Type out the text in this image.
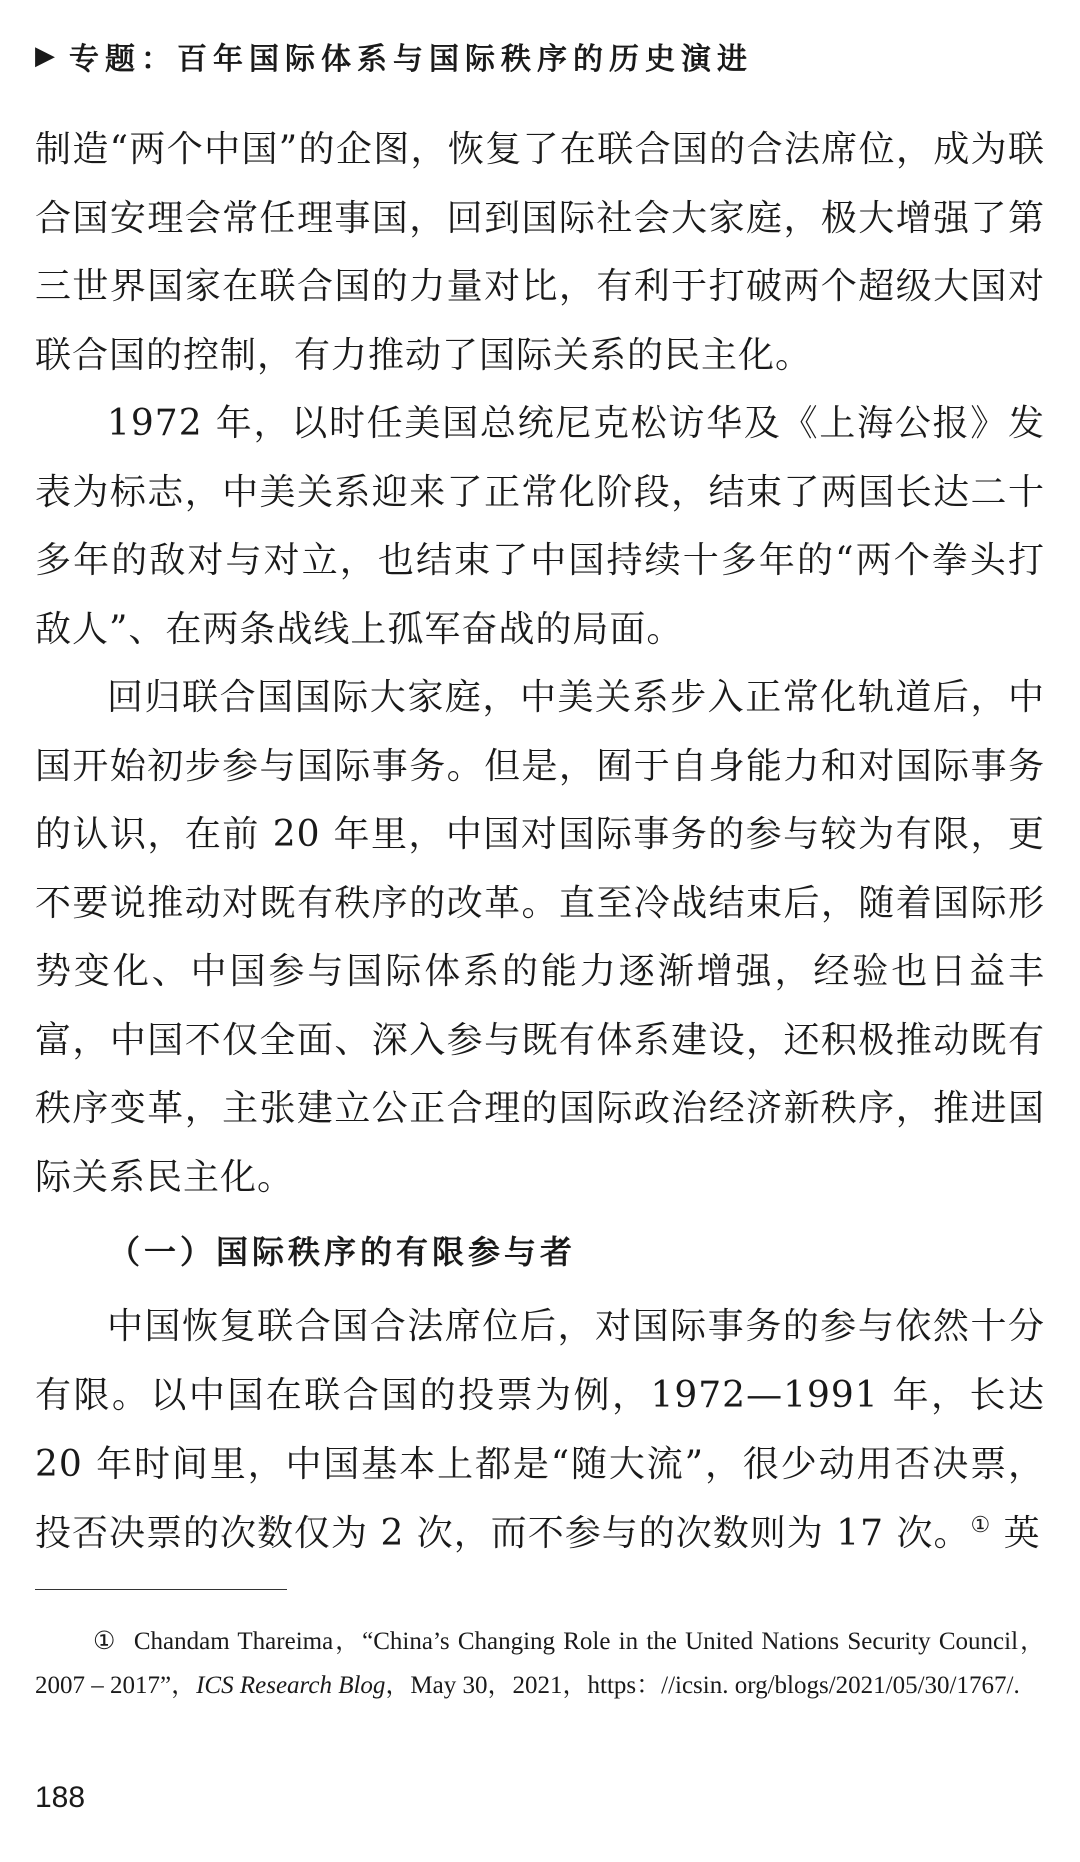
▶ 专题：百年国际体系与国际秩序的历史演进

制造“两个中国”的企图，恢复了在联合国的合法席位，成为联合国安理会常任理事国，回到国际社会大家庭，极大增强了第三世界国家在联合国的力量对比，有利于打破两个超级大国对联合国的控制，有力推动了国际关系的民主化。

1972 年，以时任美国总统尼克松访华及《上海公报》发表为标志，中美关系迎来了正常化阶段，结束了两国长达二十多年的敌对与对立，也结束了中国持续十多年的“两个拳头打敌人”、在两条战线上孤军奋战的局面。

回归联合国国际大家庭，中美关系步入正常化轨道后，中国开始初步参与国际事务。但是，囿于自身能力和对国际事务的认识，在前 20 年里，中国对国际事务的参与较为有限，更不要说推动对既有秩序的改革。直至冷战结束后，随着国际形势变化、中国参与国际体系的能力逐渐增强，经验也日益丰富，中国不仅全面、深入参与既有体系建设，还积极推动既有秩序变革，主张建立公正合理的国际政治经济新秩序，推进国际关系民主化。

（一）国际秩序的有限参与者

中国恢复联合国合法席位后，对国际事务的参与依然十分有限。以中国在联合国的投票为例，1972—1991 年，长达 20 年时间里，中国基本上都是“随大流”，很少动用否决票，投否决票的次数仅为 2 次，而不参与的次数则为 17 次。① 英

① Chandam Thareima，“China’s Changing Role in the United Nations Security Council，2007 – 2017”，ICS Research Blog，May 30，2021，https：//icsin. org/blogs/2021/05/30/1767/.
188
